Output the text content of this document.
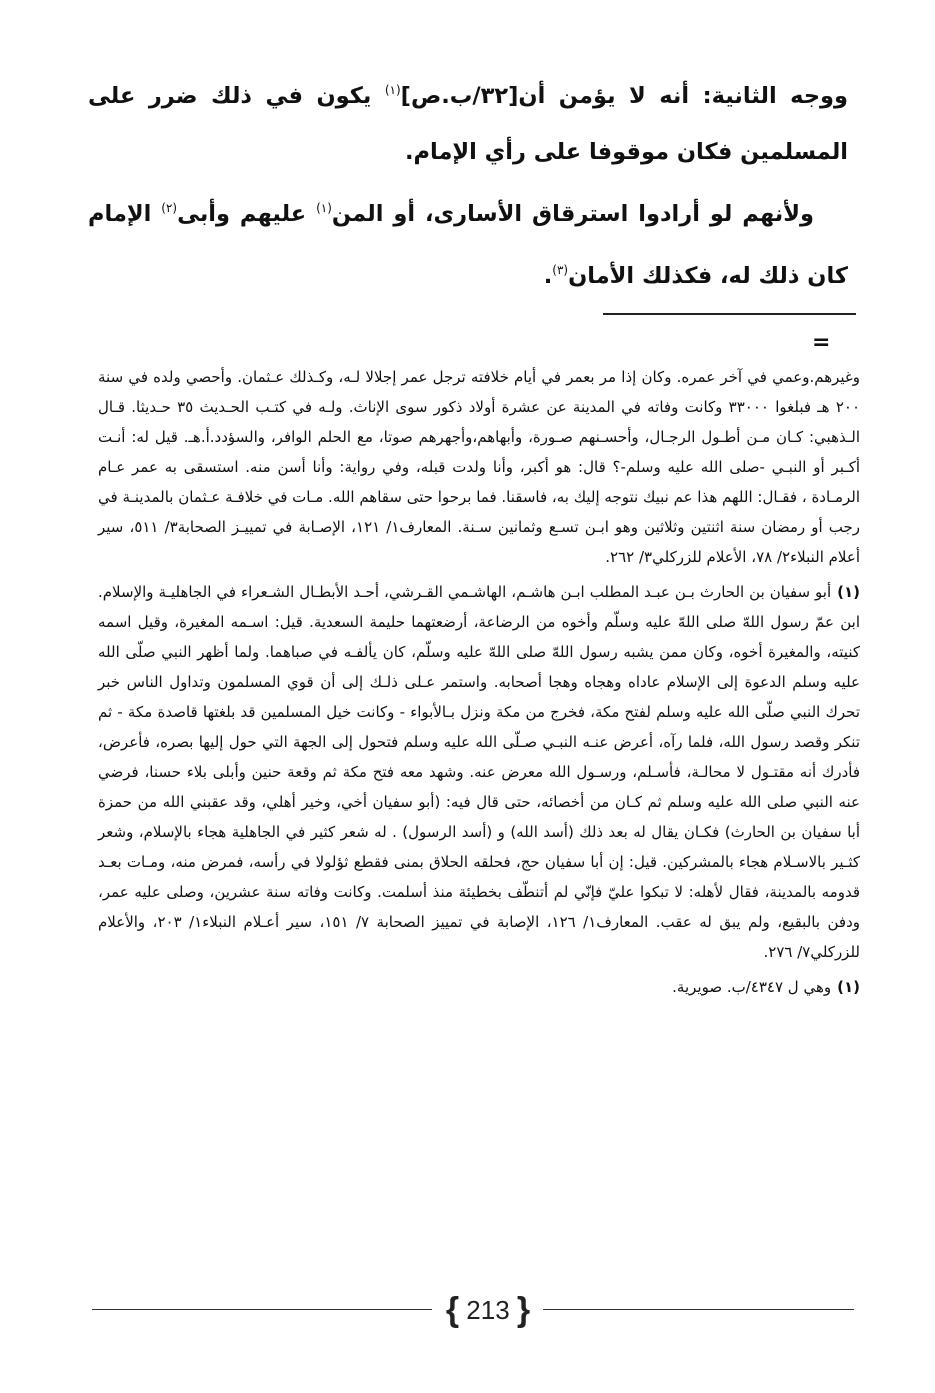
ووجه الثانية: أنه لا يؤمن أن[٣٢/ب.ص]$^{(١)}$ يكون في ذلك ضرر على المسلمين فكان موقوفا على رأي الإمام.

ولأنهم لو أرادوا استرقاق الأسارى، أو المن$^{(١)}$ عليهم وأبى$^{(٢)}$ الإمام كان ذلك له، فكذلك الأمان$^{(٣)}$.

=

وغيرهم.وعمي في آخر عمره. وكان إذا مر بعمر في أيام خلافته ترجل عمر إجلالا لـه، وكـذلك عـثمان. وأحصي ولده في سنة ٢٠٠ هـ فبلغوا ٣٣٠٠٠ وكانت وفاته في المدينة عن عشرة أولاد ذكور سوى الإناث. ولـه في كتـب الحـديث ٣٥ حـديثا. قـال الـذهبي: كـان مـن أطـول الرجـال، وأحسـنهم صـورة، وأبهاهم،وأجهرهم صوتا، مع الحلم الوافر، والسؤدد.أ.هـ. قيل له: أنـت أكـبر أو النبـي -صلى الله عليه وسلم-؟ قال: هو أكبر، وأنا ولدت قبله، وفي رواية: وأنا أسن منه. استسقى به عمر عـام الرمـادة ، فقـال: اللهم هذا عم نبيك نتوجه إليك به، فاسقنا. فما برحوا حتى سقاهم الله. مـات في خلافـة عـثمان بالمدينـة في رجب أو رمضان سنة اثنتين وثلاثين وهو ابـن تسـع وثمانين سـنة. المعارف١/ ١٢١، الإصـابة في تمييـز الصحابة٣/ ٥١١، سير أعلام النبلاء٢/ ٧٨، الأعلام للزركلي٣/ ٢٦٢.

(١)أبو سفيان بن الحارث بـن عبـد المطلب ابـن هاشـم، الهاشـمي القـرشي، أحـد الأبطـال الشـعراء في الجاهليـة والإسلام. ابن عمّ رسول اللهّ صلى اللهّ عليه وسلّم وأخوه من الرضاعة، أرضعتهما حليمة السعدية. قيل: اسـمه المغيرة، وقيل اسمه كنيته، والمغيرة أخوه، وكان ممن يشبه رسول اللهّ صلى اللهّ عليه وسلّم، كان يألفـه في صباهما. ولما أظهر النبي صلّى الله عليه وسلم الدعوة إلى الإسلام عاداه وهجاه وهجا أصحابه. واستمر عـلى ذلـك إلى أن قوي المسلمون وتداول الناس خبر تحرك النبي صلّى الله عليه وسلم لفتح مكة، فخرج من مكة ونزل بـالأبواء - وكانت خيل المسلمين قد بلغتها قاصدة مكة - ثم تنكر وقصد رسول الله، فلما رآه، أعرض عنـه النبـي صـلّى الله عليه وسلم فتحول إلى الجهة التي حول إليها بصره، فأعرض، فأدرك أنه مقتـول لا محالـة، فأسـلم، ورسـول الله معرض عنه. وشهد معه فتح مكة ثم وقعة حنين وأبلى بلاء حسنا، فرضي عنه النبي صلى الله عليه وسلم ثم كـان من أخصائه، حتى قال فيه: (أبو سفيان أخي، وخير أهلي، وقد عقبني الله من حمزة أبا سفيان بن الحارث) فكـان يقال له بعد ذلك (أسد الله) و (أسد الرسول) . له شعر كثير في الجاهلية هجاء بالإسلام، وشعر كثـير بالاسـلام هجاء بالمشركين. قيل: إن أبا سفيان حج، فحلقه الحلاق بمنى فقطع ثؤلولا في رأسه، فمرض منه، ومـات بعـد قدومه بالمدينة، فقال لأهله: لا تبكوا عليّ فإنّي لم أتنطّف بخطيئة منذ أسلمت. وكانت وفاته سنة عشرين، وصلى عليه عمر، ودفن بالبقيع، ولم يبق له عقب. المعارف١/ ١٢٦، الإصابة في تمييز الصحابة ٧/ ١٥١، سير أعـلام النبلاء١/ ٢٠٣، والأعلام للزركلي٧/ ٢٧٦.

(١)وهي ل ٤٣٤٧/ب. صويرية.

{ 213 }
